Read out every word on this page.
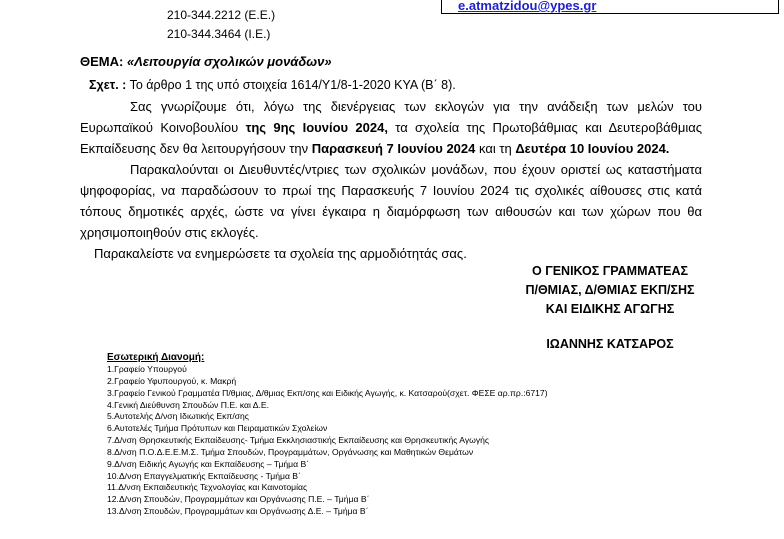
210-344.2212 (Ε.Ε.)
210-344.3464 (Ι.Ε.)
e.atmatzidou@ypes.gr
ΘΕΜΑ: «Λειτουργία σχολικών μονάδων»
Σχετ. : Το άρθρο 1 της υπό στοιχεία 1614/Υ1/8-1-2020 ΚΥΑ (Β΄ 8).

Σας γνωρίζουμε ότι, λόγω της διενέργειας των εκλογών για την ανάδειξη των μελών του Ευρωπαϊκού Κοινοβουλίου της 9ης Ιουνίου 2024, τα σχολεία της Πρωτοβάθμιας και Δευτεροβάθμιας Εκπαίδευσης δεν θα λειτουργήσουν την Παρασκευή 7 Ιουνίου 2024 και τη Δευτέρα 10 Ιουνίου 2024.

Παρακαλούνται οι Διευθυντές/ντριες των σχολικών μονάδων, που έχουν οριστεί ως καταστήματα ψηφοφορίας, να παραδώσουν το πρωί της Παρασκευής 7 Ιουνίου 2024 τις σχολικές αίθουσες στις κατά τόπους δημοτικές αρχές, ώστε να γίνει έγκαιρα η διαμόρφωση των αιθουσών και των χώρων που θα χρησιμοποιηθούν στις εκλογές.

Παρακαλείστε να ενημερώσετε τα σχολεία της αρμοδιότητάς σας.

Ο ΓΕΝΙΚΟΣ ΓΡΑΜΜΑΤΕΑΣ
Π/ΘΜΙΑΣ, Δ/ΘΜΙΑΣ ΕΚΠ/ΣΗΣ
ΚΑΙ ΕΙΔΙΚΗΣ ΑΓΩΓΗΣ
ΙΩΑΝΝΗΣ ΚΑΤΣΑΡΟΣ
Εσωτερική Διανομή:
1.Γραφείο Υπουργού
2.Γραφείο Υφυπουργού, κ. Μακρή
3.Γραφείο Γενικού Γραμματέα Π/θμιας, Δ/θμιας Εκπ/σης και Ειδικής Αγωγής, κ. Κατσαρού(σχετ. ΦΕΣΕ αρ.πρ.:6717)
4.Γενική Διεύθυνση Σπουδών Π.Ε. και Δ.Ε.
5.Αυτοτελής Δ/νση Ιδιωτικής Εκπ/σης
6.Αυτοτελές Τμήμα Πρότυπων και Πειραματικών Σχολείων
7.Δ/νση Θρησκευτικής Εκπαίδευσης- Τμήμα Εκκλησιαστικής Εκπαίδευσης και Θρησκευτικής Αγωγής
8.Δ/νση Π.Ο.Δ.Ε.Ε.Μ.Σ. Τμήμα Σπουδών, Προγραμμάτων, Οργάνωσης και Μαθητικών Θεμάτων
9.Δ/νση Ειδικής Αγωγής και Εκπαίδευσης – Τμήμα Β΄
10.Δ/νση Επαγγελματικής Εκπαίδευσης - Τμήμα Β΄
11.Δ/νση Εκπαιδευτικής Τεχνολογίας και Καινοτομίας
12.Δ/νση Σπουδών, Προγραμμάτων και Οργάνωσης Π.Ε. – Τμήμα Β΄
13.Δ/νση Σπουδών, Προγραμμάτων και Οργάνωσης Δ.Ε. – Τμήμα Β΄
